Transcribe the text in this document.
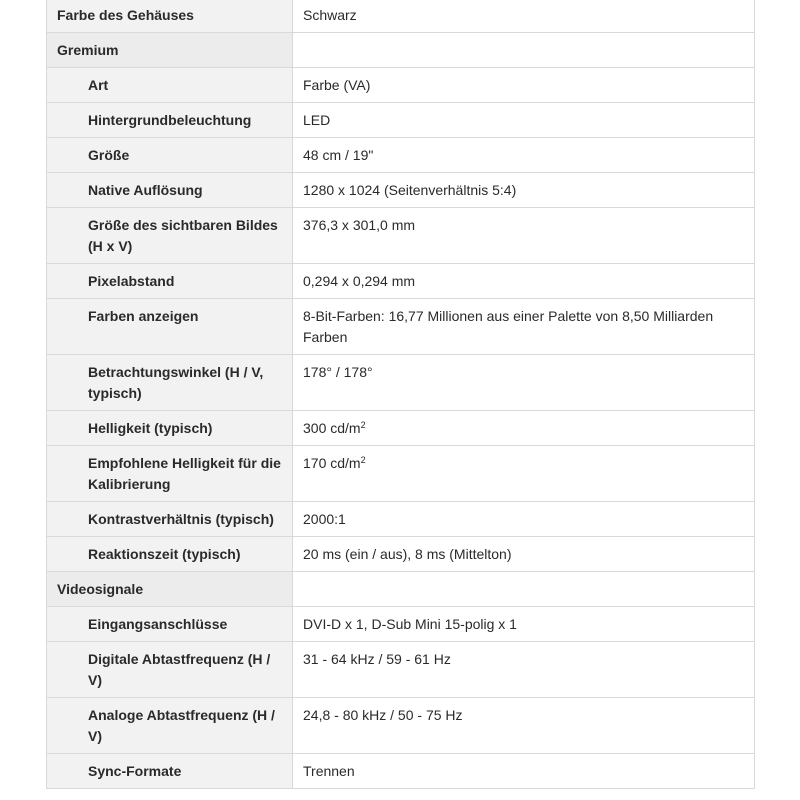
Farbe des Gehäuses	Schwarz
Gremium	
Art	Farbe (VA)
Hintergrundbeleuchtung	LED
Größe	48 cm / 19"
Native Auflösung	1280 x 1024 (Seitenverhältnis 5:4)
Größe des sichtbaren Bildes (H x V)	376,3 x 301,0 mm
Pixelabstand	0,294 x 0,294 mm
Farben anzeigen	8-Bit-Farben: 16,77 Millionen aus einer Palette von 8,50 Milliarden Farben
Betrachtungswinkel (H / V, typisch)	178° / 178°
Helligkeit (typisch)	300 $cd/m^2$
Empfohlene Helligkeit für die Kalibrierung	170 $cd/m^2$
Kontrastverhältnis (typisch)	2000:1
Reaktionszeit (typisch)	20 ms (ein / aus), 8 ms (Mittelton)
Videosignale	
Eingangsanschlüsse	DVI-D x 1, D-Sub Mini 15-polig x 1
Digitale Abtastfrequenz (H / V)	31 - 64 kHz / 59 - 61 Hz
Analoge Abtastfrequenz (H / V)	24,8 - 80 kHz / 50 - 75 Hz
Sync-Formate	Trennen
